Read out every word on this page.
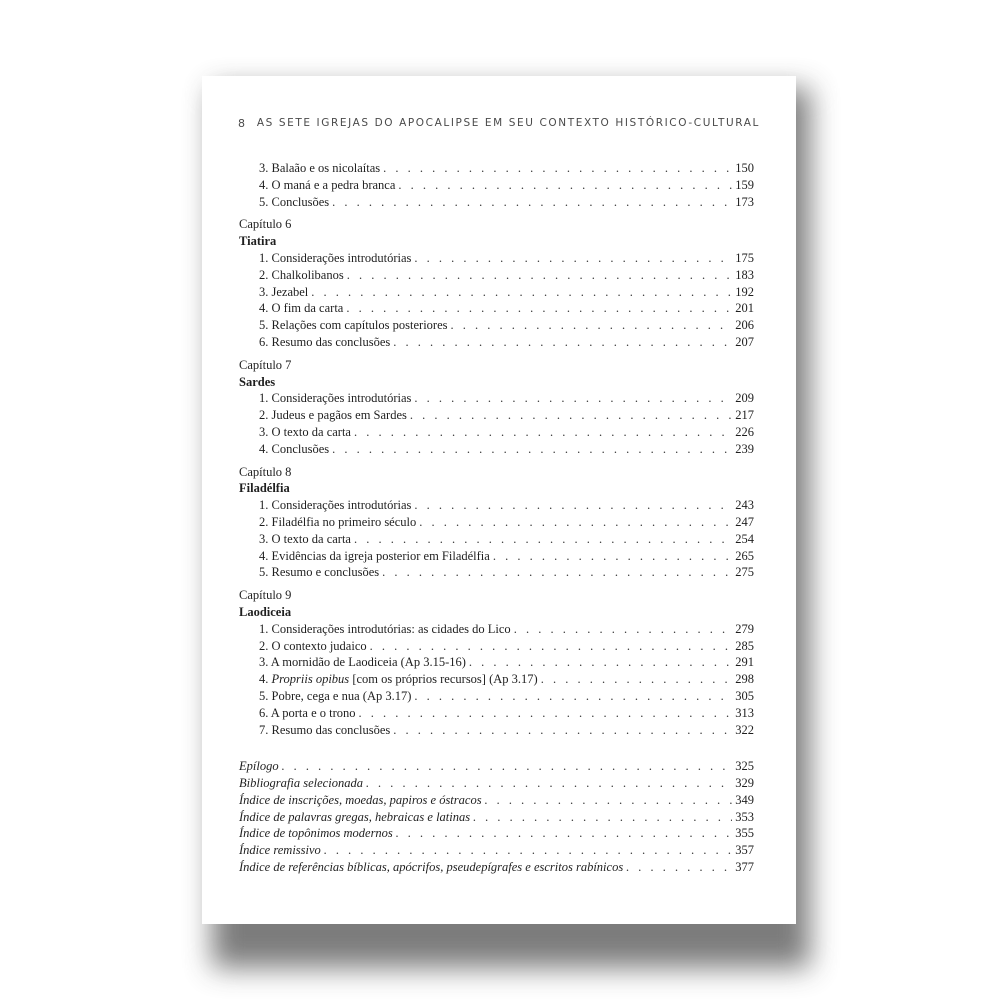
8 AS SETE IGREJAS DO APOCALIPSE EM SEU CONTEXTO HISTÓRICO-CULTURAL
3. Balaão e os nicolaítas . . .	150
4. O maná e a pedra branca . . .	159
5. Conclusões . . .	173
Capítulo 6
Tiatira
1. Considerações introdutórias . . .	175
2. Chalkolibanos . . .	183
3. Jezabel . . .	192
4. O fim da carta . . .	201
5. Relações com capítulos posteriores . . .	206
6. Resumo das conclusões . . .	207
Capítulo 7
Sardes
1. Considerações introdutórias . . .	209
2. Judeus e pagãos em Sardes . . .	217
3. O texto da carta . . .	226
4. Conclusões . . .	239
Capítulo 8
Filadélfia
1. Considerações introdutórias . . .	243
2. Filadélfia no primeiro século . . .	247
3. O texto da carta . . .	254
4. Evidências da igreja posterior em Filadélfia . . .	265
5. Resumo e conclusões . . .	275
Capítulo 9
Laodiceia
1. Considerações introdutórias: as cidades do Lico . . .	279
2. O contexto judaico . . .	285
3. A mornidão de Laodiceia (Ap 3.15-16) . . .	291
4. Propriis opibus [com os próprios recursos] (Ap 3.17) . . .	298
5. Pobre, cega e nua (Ap 3.17) . . .	305
6. A porta e o trono . . .	313
7. Resumo das conclusões . . .	322
Epílogo . . .	325
Bibliografia selecionada . . .	329
Índice de inscrições, moedas, papiros e óstracos . . .	349
Índice de palavras gregas, hebraicas e latinas . . .	353
Índice de topônimos modernos . . .	355
Índice remissivo . . .	357
Índice de referências bíblicas, apócrifos, pseudepígrafes e escritos rabínicos . . .	377
